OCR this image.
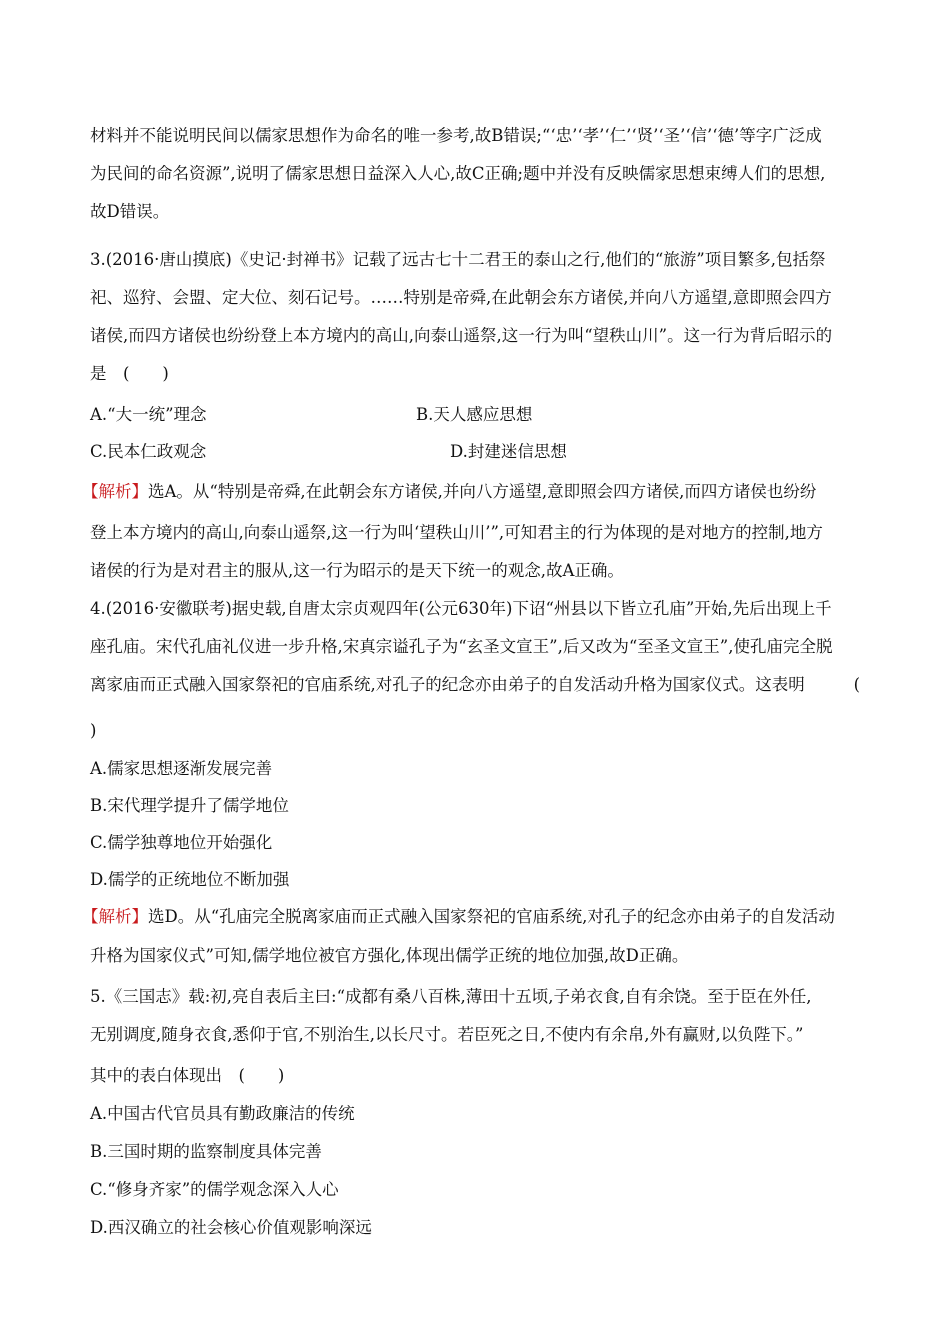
材料并不能说明民间以儒家思想作为命名的唯一参考,故B错误;“‘忠’‘孝’‘仁’‘贤’‘圣’‘信’‘德’等字广泛成
为民间的命名资源”,说明了儒家思想日益深入人心,故C正确;题中并没有反映儒家思想束缚人们的思想,
故D错误。
3.(2016·唐山摸底)《史记·封禅书》记载了远古七十二君王的泰山之行,他们的“旅游”项目繁多,包括祭
祀、巡狩、会盟、定大位、刻石记号。……特别是帝舜,在此朝会东方诸侯,并向八方遥望,意即照会四方
诸侯,而四方诸侯也纷纷登上本方境内的高山,向泰山遥祭,这一行为叫“望秩山川”。这一行为背后昭示的
是　(　　)
A.“大一统”理念	B.天人感应思想
C.民本仁政观念	D.封建迷信思想
【解析】选A。从“特别是帝舜,在此朝会东方诸侯,并向八方遥望,意即照会四方诸侯,而四方诸侯也纷纷
登上本方境内的高山,向泰山遥祭,这一行为叫‘望秩山川’”,可知君主的行为体现的是对地方的控制,地方
诸侯的行为是对君主的服从,这一行为昭示的是天下统一的观念,故A正确。
4.(2016·安徽联考)据史载,自唐太宗贞观四年(公元630年)下诏“州县以下皆立孔庙”开始,先后出现上千
座孔庙。宋代孔庙礼仪进一步升格,宋真宗谥孔子为“玄圣文宣王”,后又改为“至圣文宣王”,使孔庙完全脱
离家庙而正式融入国家祭祀的官庙系统,对孔子的纪念亦由弟子的自发活动升格为国家仪式。这表明	(
)
A.儒家思想逐渐发展完善
B.宋代理学提升了儒学地位
C.儒学独尊地位开始强化
D.儒学的正统地位不断加强
【解析】选D。从“孔庙完全脱离家庙而正式融入国家祭祀的官庙系统,对孔子的纪念亦由弟子的自发活动
升格为国家仪式”可知,儒学地位被官方强化,体现出儒学正统的地位加强,故D正确。
5.《三国志》载:初,亮自表后主曰:“成都有桑八百株,薄田十五顷,子弟衣食,自有余饶。至于臣在外任,
无别调度,随身衣食,悉仰于官,不别治生,以长尺寸。若臣死之日,不使内有余帛,外有赢财,以负陛下。”
其中的表白体现出　(　　)
A.中国古代官员具有勤政廉洁的传统
B.三国时期的监察制度具体完善
C.“修身齐家”的儒学观念深入人心
D.西汉确立的社会核心价值观影响深远
